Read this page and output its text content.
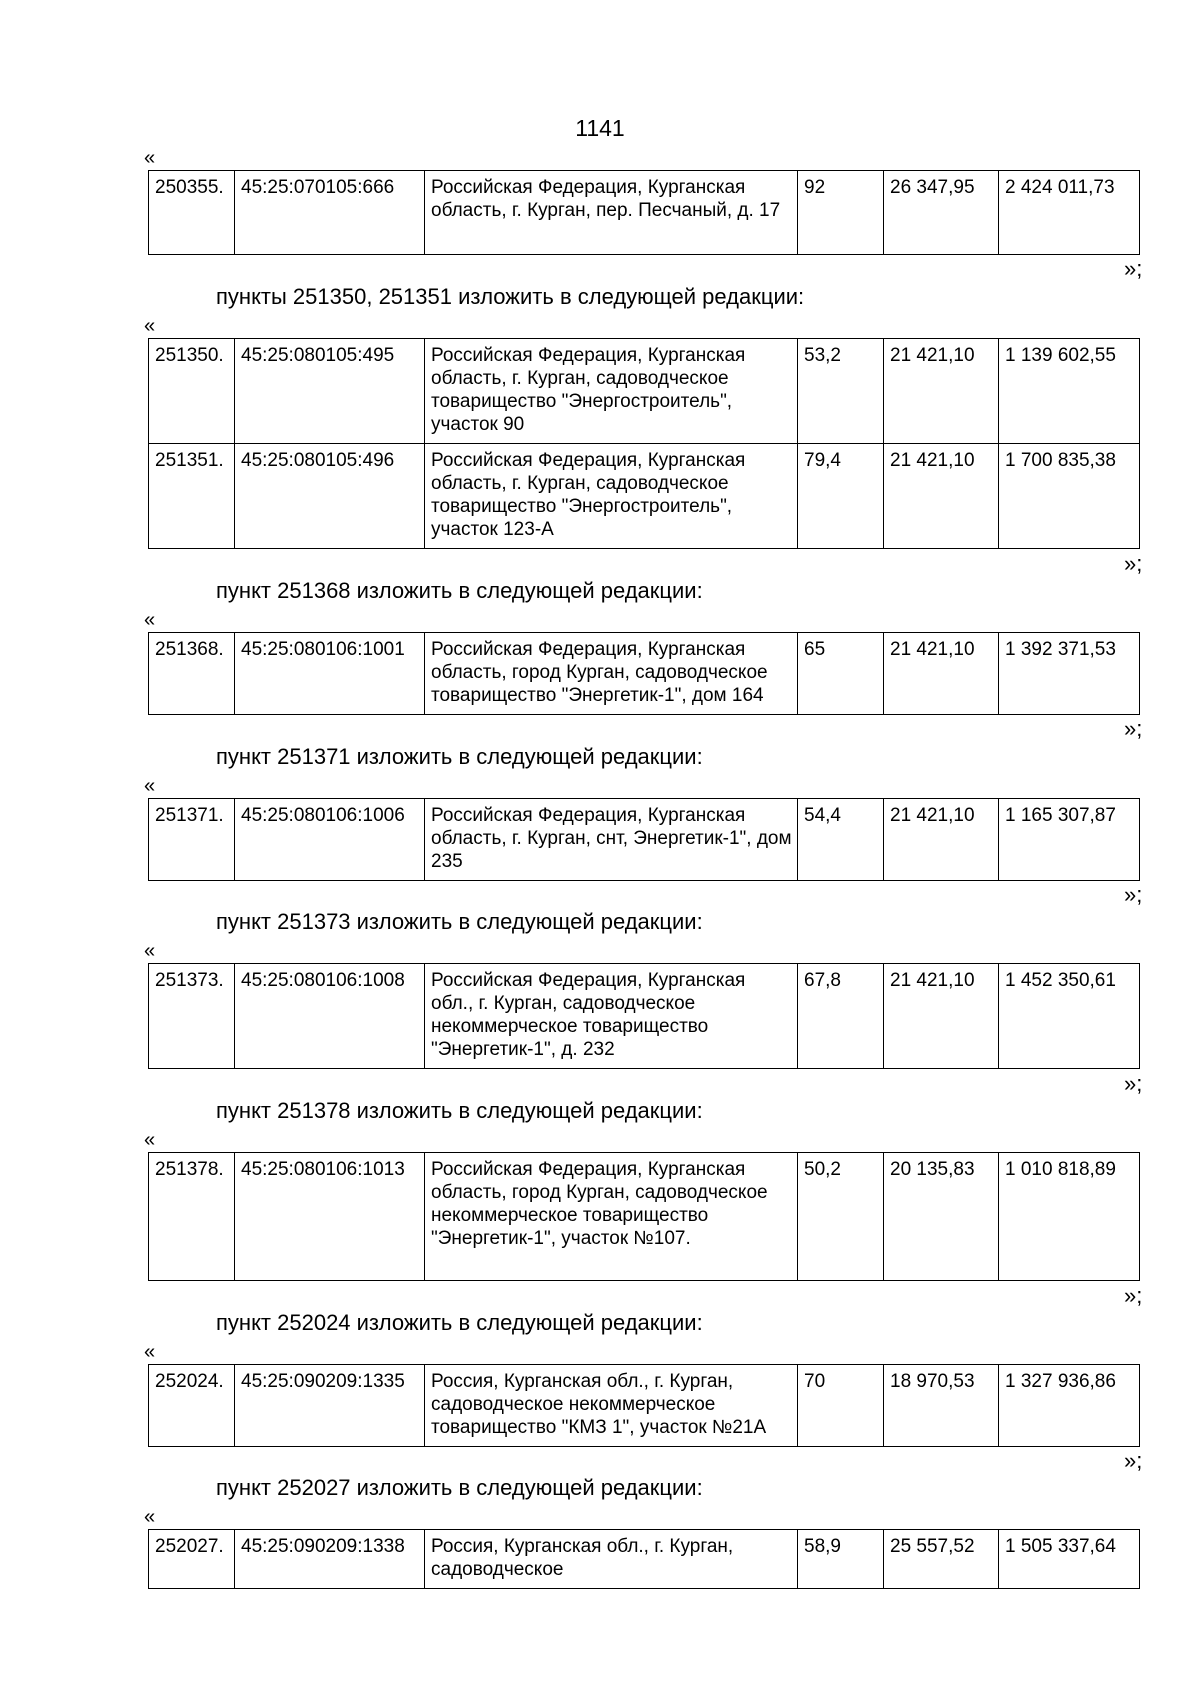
1141
«
250355.	45:25:070105:666	Российская Федерация, Курганская область, г. Курган, пер. Песчаный, д. 17	92	26 347,95	2 424 011,73
»;
пункты 251350, 251351 изложить в следующей редакции:
«
251350.	45:25:080105:495	Российская Федерация, Курганская область, г. Курган, садоводческое товарищество "Энергостроитель", участок 90	53,2	21 421,10	1 139 602,55
251351.	45:25:080105:496	Российская Федерация, Курганская область, г. Курган, садоводческое товарищество "Энергостроитель", участок 123-А	79,4	21 421,10	1 700 835,38
»;
пункт 251368 изложить в следующей редакции:
«
251368.	45:25:080106:1001	Российская Федерация, Курганская область, город Курган, садоводческое товарищество "Энергетик-1", дом 164	65	21 421,10	1 392 371,53
»;
пункт 251371 изложить в следующей редакции:
«
251371.	45:25:080106:1006	Российская Федерация, Курганская область, г. Курган, снт, Энергетик-1", дом 235	54,4	21 421,10	1 165 307,87
»;
пункт 251373 изложить в следующей редакции:
«
251373.	45:25:080106:1008	Российская Федерация, Курганская обл., г. Курган, садоводческое некоммерческое товарищество "Энергетик-1", д. 232	67,8	21 421,10	1 452 350,61
»;
пункт 251378 изложить в следующей редакции:
«
251378.	45:25:080106:1013	Российская Федерация, Курганская область, город Курган, садоводческое некоммерческое товарищество "Энергетик-1", участок №107.	50,2	20 135,83	1 010 818,89
»;
пункт 252024 изложить в следующей редакции:
«
252024.	45:25:090209:1335	Россия, Курганская обл., г. Курган, садоводческое некоммерческое товарищество "КМЗ 1", участок №21А	70	18 970,53	1 327 936,86
»;
пункт 252027 изложить в следующей редакции:
«
252027.	45:25:090209:1338	Россия, Курганская обл., г. Курган, садоводческое	58,9	25 557,52	1 505 337,64
